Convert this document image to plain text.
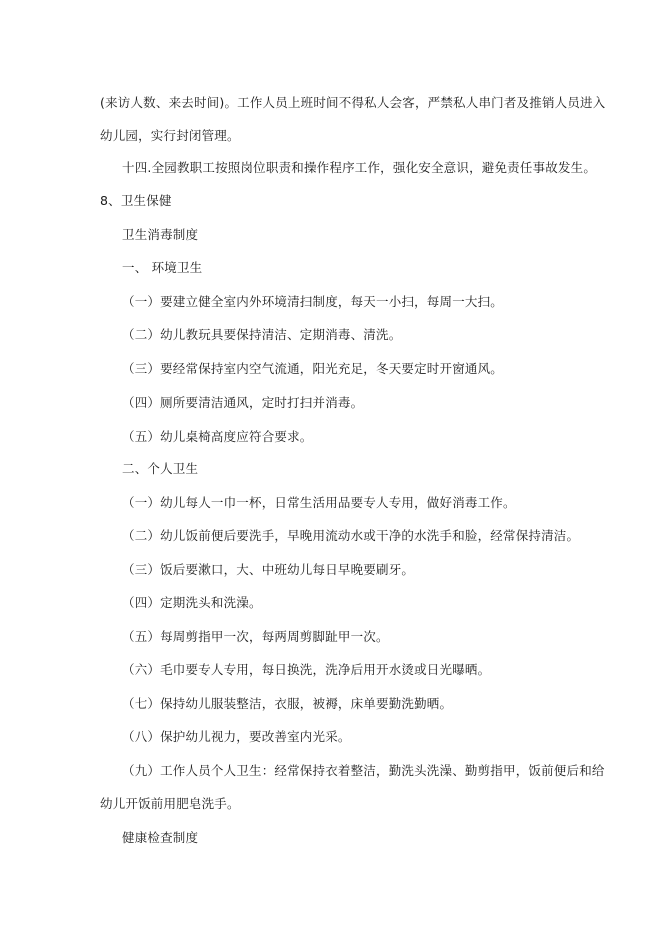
(来访人数、来去时间)。工作人员上班时间不得私人会客，严禁私人串门者及推销人员进入
幼儿园，实行封闭管理。
十四.全园教职工按照岗位职责和操作程序工作，强化安全意识，避免责任事故发生。
8、卫生保健
卫生消毒制度
一、 环境卫生
（一）要建立健全室内外环境清扫制度，每天一小扫，每周一大扫。
（二）幼儿教玩具要保持清洁、定期消毒、清洗。
（三）要经常保持室内空气流通，阳光充足，冬天要定时开窗通风。
（四）厕所要清洁通风，定时打扫并消毒。
（五）幼儿桌椅高度应符合要求。
二、个人卫生
（一）幼儿每人一巾一杯，日常生活用品要专人专用，做好消毒工作。
（二）幼儿饭前便后要洗手，早晚用流动水或干净的水洗手和脸，经常保持清洁。
（三）饭后要漱口，大、中班幼儿每日早晚要刷牙。
（四）定期洗头和洗澡。
（五）每周剪指甲一次，每两周剪脚趾甲一次。
（六）毛巾要专人专用，每日换洗，洗净后用开水烫或日光曝晒。
（七）保持幼儿服装整洁，衣服，被褥，床单要勤洗勤晒。
（八）保护幼儿视力，要改善室内光采。
（九）工作人员个人卫生：经常保持衣着整洁，勤洗头洗澡、勤剪指甲，饭前便后和给
幼儿开饭前用肥皂洗手。
健康检查制度
